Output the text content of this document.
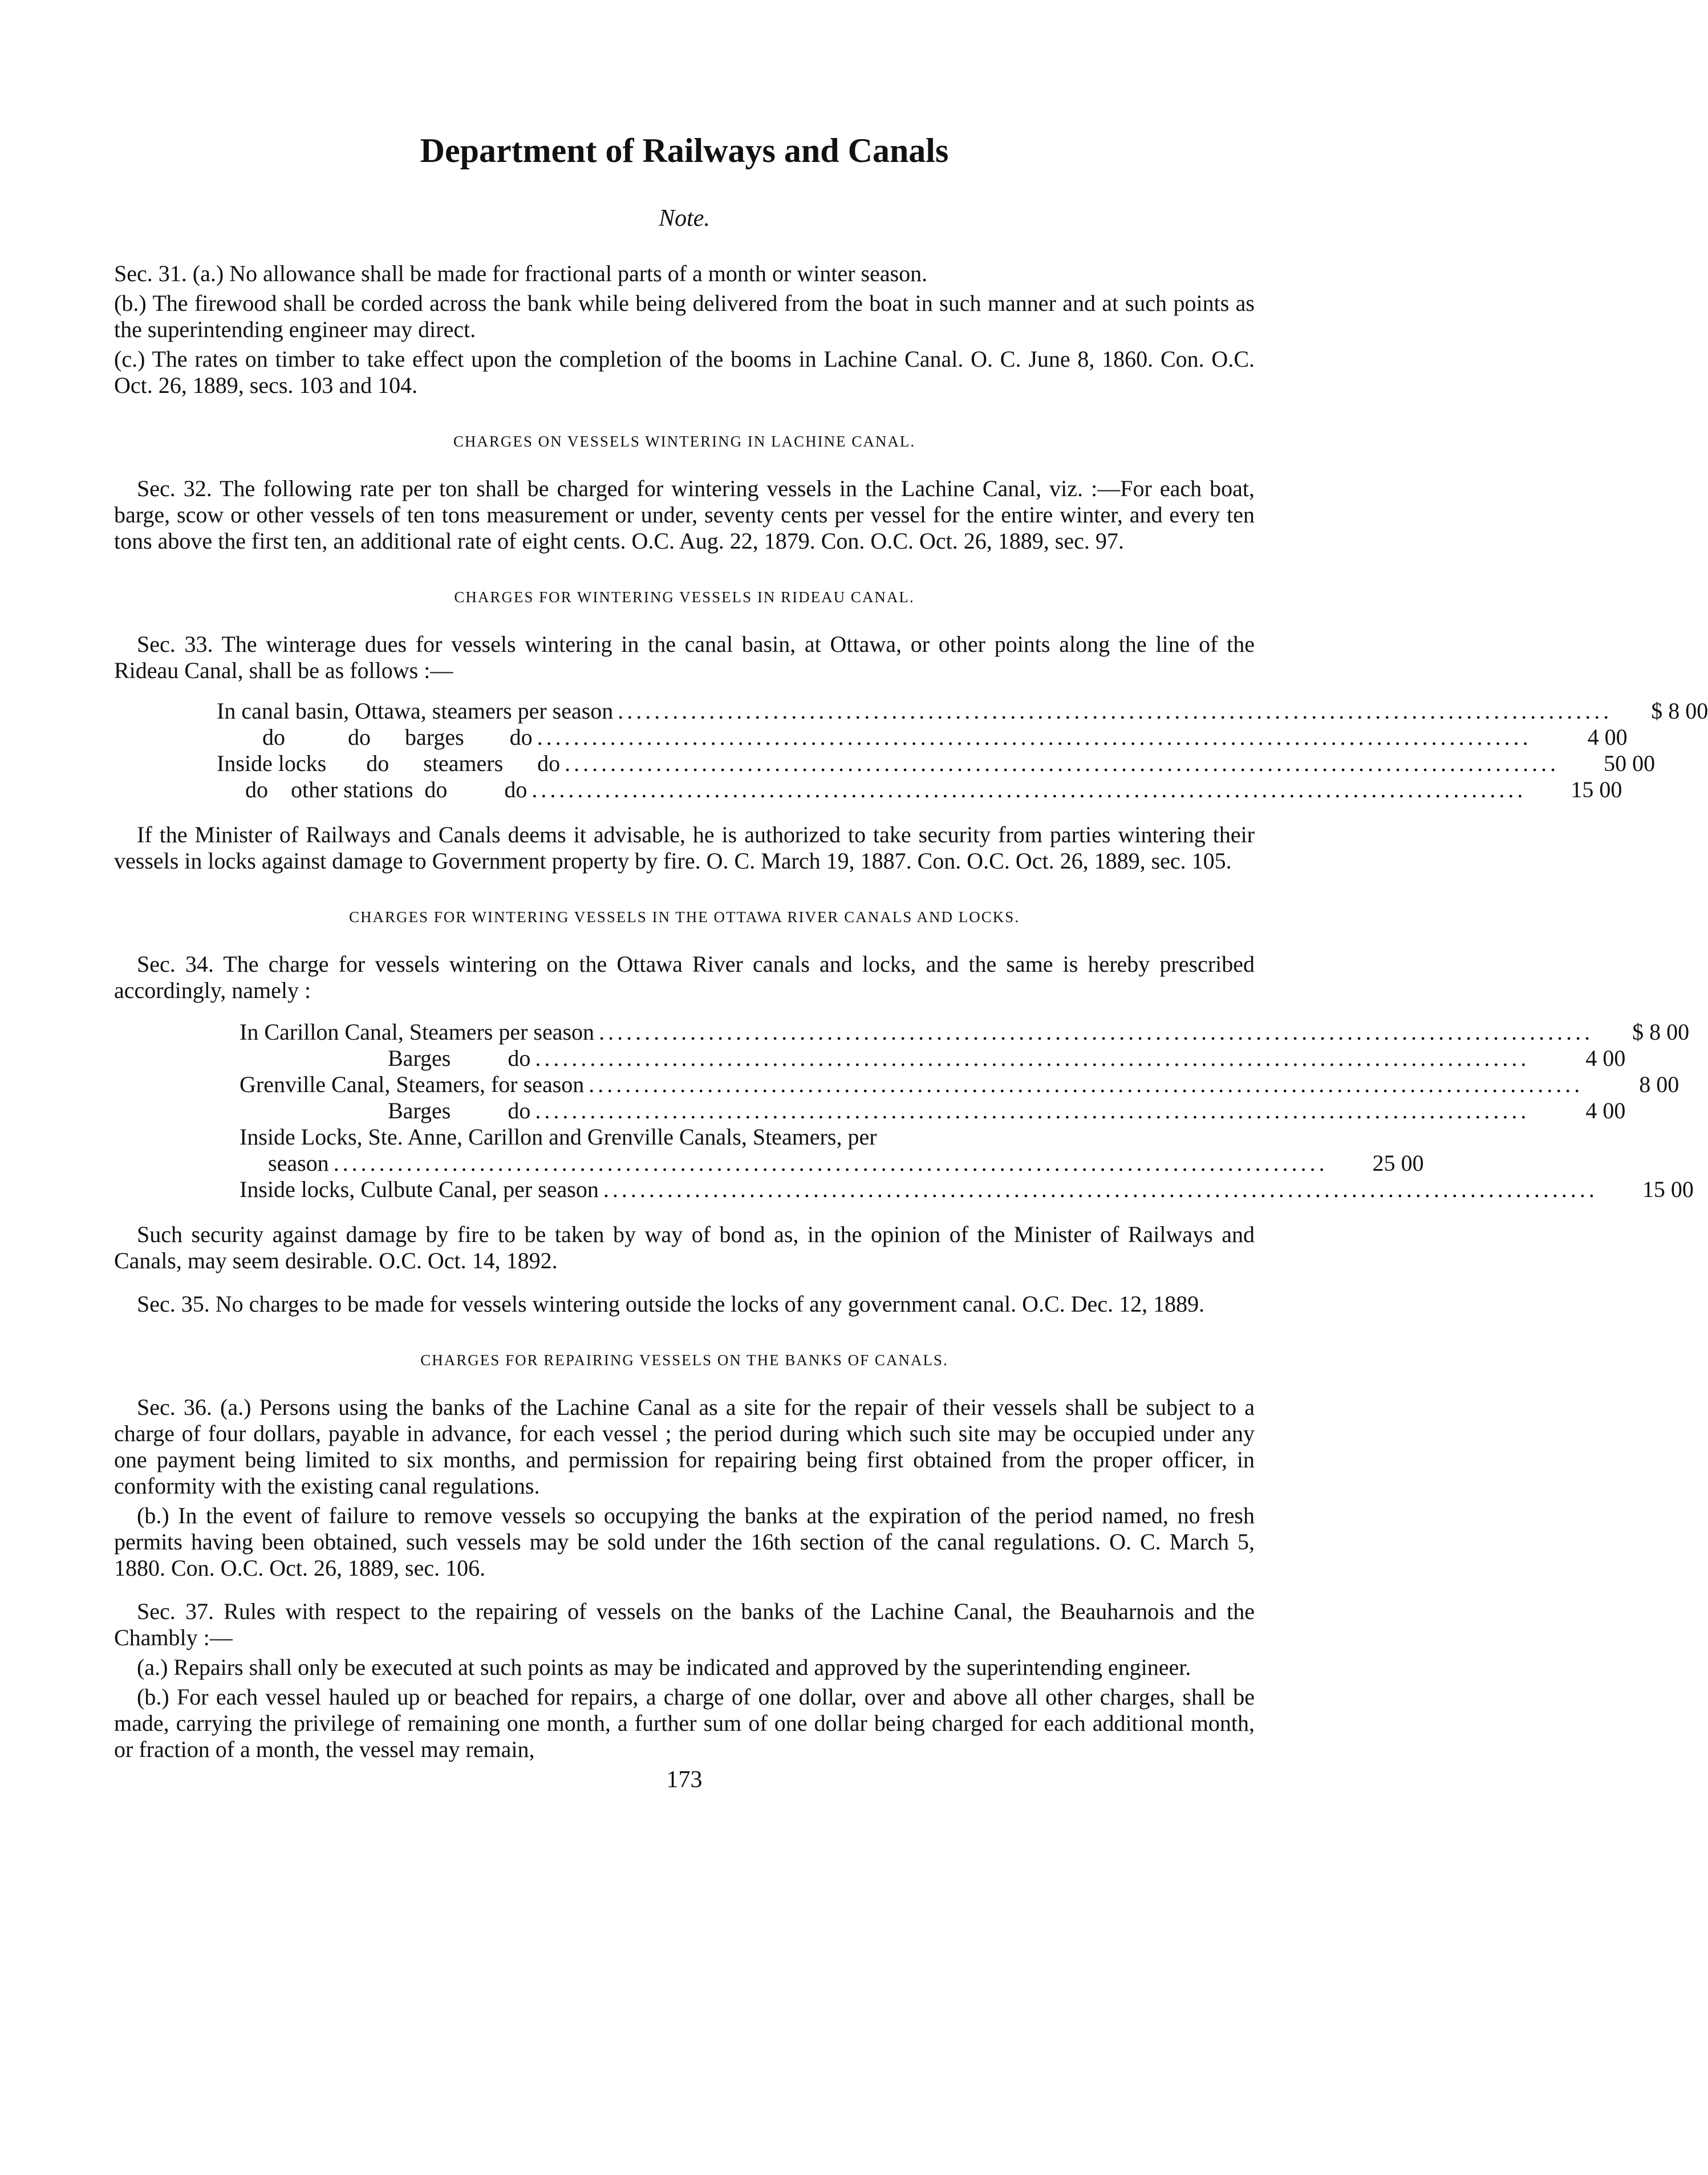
Department of Railways and Canals
Note.

Sec. 31. (a.) No allowance shall be made for fractional parts of a month or winter season.

(b.) The firewood shall be corded across the bank while being delivered from the boat in such manner and at such points as the superintending engineer may direct.

(c.) The rates on timber to take effect upon the completion of the booms in Lachine Canal. O. C. June 8, 1860. Con. O.C. Oct. 26, 1889, secs. 103 and 104.

CHARGES ON VESSELS WINTERING IN LACHINE CANAL.

Sec. 32. The following rate per ton shall be charged for wintering vessels in the Lachine Canal, viz. :—For each boat, barge, scow or other vessels of ten tons measurement or under, seventy cents per vessel for the entire winter, and every ten tons above the first ten, an additional rate of eight cents. O.C. Aug. 22, 1879. Con. O.C. Oct. 26, 1889, sec. 97.

CHARGES FOR WINTERING VESSELS IN RIDEAU CANAL.

Sec. 33. The winterage dues for vessels wintering in the canal basin, at Ottawa, or other points along the line of the Rideau Canal, shall be as follows :—

In canal basin, Ottawa, steamers per season .............................................................................................................	$ 8 00
do           do      barges        do .............................................................................................................	4 00
Inside locks       do      steamers      do .............................................................................................................	50 00
do    other stations  do          do .............................................................................................................	15 00

If the Minister of Railways and Canals deems it advisable, he is authorized to take security from parties wintering their vessels in locks against damage to Government property by fire. O. C. March 19, 1887. Con. O.C. Oct. 26, 1889, sec. 105.

CHARGES FOR WINTERING VESSELS IN THE OTTAWA RIVER CANALS AND LOCKS.

Sec. 34. The charge for vessels wintering on the Ottawa River canals and locks, and the same is hereby prescribed accordingly, namely :

In Carillon Canal, Steamers per season .............................................................................................................	$ 8 00
Barges          do .............................................................................................................	4 00
Grenville Canal, Steamers, for season .............................................................................................................	8 00
Barges          do .............................................................................................................	4 00
Inside Locks, Ste. Anne, Carillon and Grenville Canals, Steamers, per
season .............................................................................................................	25 00
Inside locks, Culbute Canal, per season .............................................................................................................	15 00

Such security against damage by fire to be taken by way of bond as, in the opinion of the Minister of Railways and Canals, may seem desirable. O.C. Oct. 14, 1892.

Sec. 35. No charges to be made for vessels wintering outside the locks of any government canal. O.C. Dec. 12, 1889.

CHARGES FOR REPAIRING VESSELS ON THE BANKS OF CANALS.

Sec. 36. (a.) Persons using the banks of the Lachine Canal as a site for the repair of their vessels shall be subject to a charge of four dollars, payable in advance, for each vessel ; the period during which such site may be occupied under any one payment being limited to six months, and permission for repairing being first obtained from the proper officer, in conformity with the existing canal regulations.

(b.) In the event of failure to remove vessels so occupying the banks at the expiration of the period named, no fresh permits having been obtained, such vessels may be sold under the 16th section of the canal regulations. O. C. March 5, 1880. Con. O.C. Oct. 26, 1889, sec. 106.

Sec. 37. Rules with respect to the repairing of vessels on the banks of the Lachine Canal, the Beauharnois and the Chambly :—

(a.) Repairs shall only be executed at such points as may be indicated and approved by the superintending engineer.

(b.) For each vessel hauled up or beached for repairs, a charge of one dollar, over and above all other charges, shall be made, carrying the privilege of remaining one month, a further sum of one dollar being charged for each additional month, or fraction of a month, the vessel may remain,

173
